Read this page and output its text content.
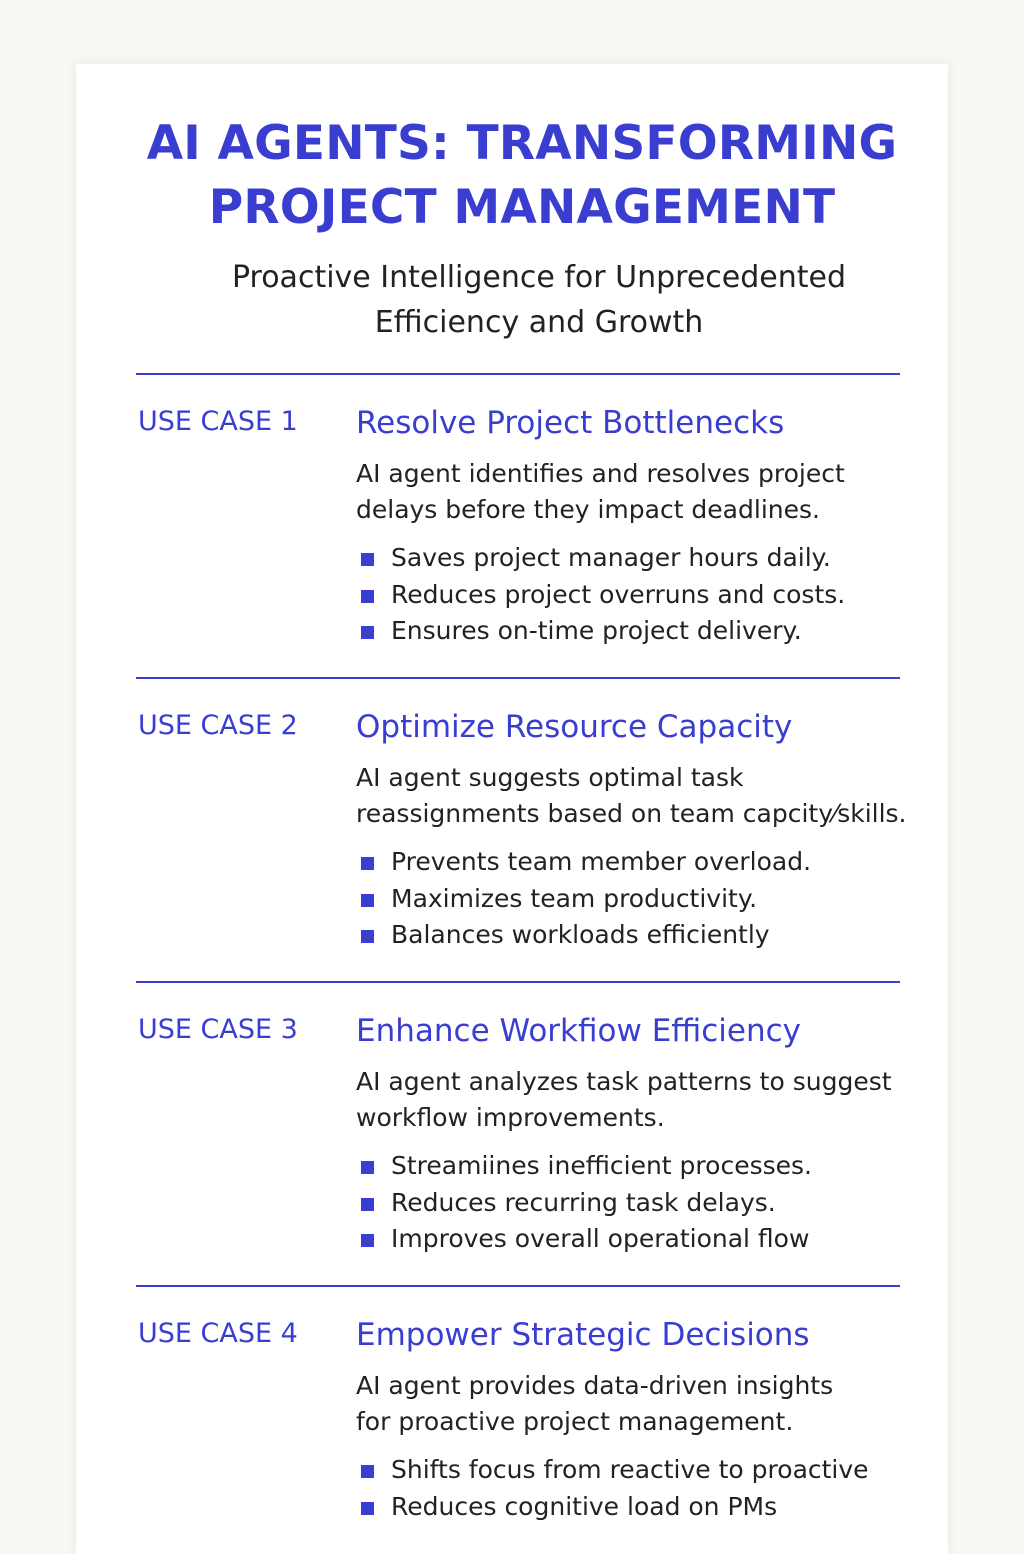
AI AGENTS: TRANSFORMING
PROJECT MANAGEMENT

Proactive Intelligence for Unprecedented
Efficiency and Growth

USE CASE 1 Resolve Project Bottlenecks

AI agent identifies and resolves project
delays before they impact deadlines.

Saves project manager hours daily.
Reduces project overruns and costs.
Ensures on-time project delivery.

USE CASE 2 Optimize Resource Capacity

AI agent suggests optimal task
reassignments based on team capcity⁄skills.

Prevents team member overload.
Maximizes team productivity.
Balances workloads efficiently

USE CASE 3 Enhance Workfiow Efficiency

AI agent analyzes task patterns to suggest
workflow improvements.

Streamiines inefficient processes.
Reduces recurring task delays.
Improves overall operational flow

USE CASE 4 Empower Strategic Decisions

AI agent provides data-driven insights
for proactive project management.

Shifts focus from reactive to proactive
Reduces cognitive load on PMs
